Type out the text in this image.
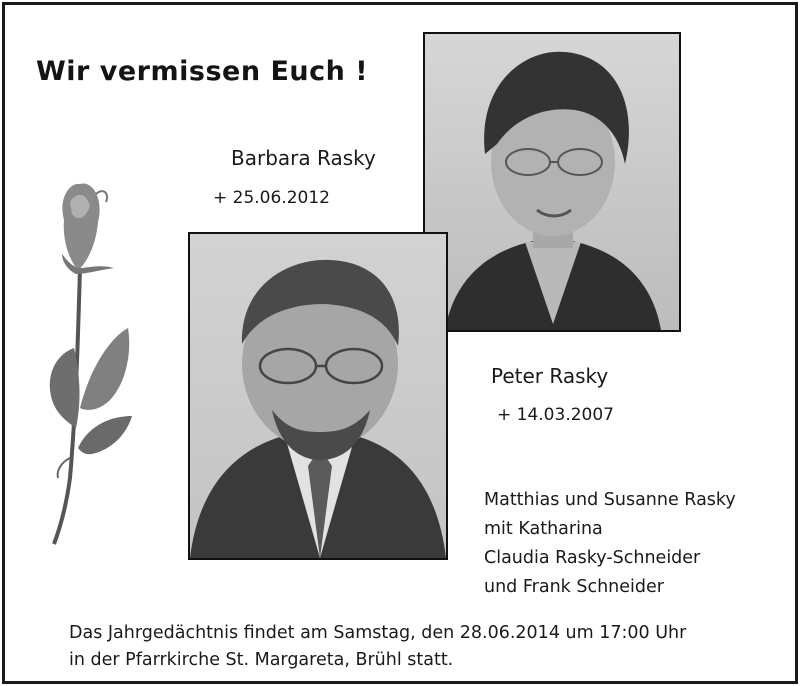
Wir vermissen Euch !
Barbara Rasky
+ 25.06.2012
Peter Rasky
+ 14.03.2007
Matthias und Susanne Rasky
mit Katharina
Claudia Rasky-Schneider
und Frank Schneider
Das Jahrgedächtnis findet am Samstag, den 28.06.2014 um 17:00 Uhr
in der Pfarrkirche St. Margareta, Brühl statt.
